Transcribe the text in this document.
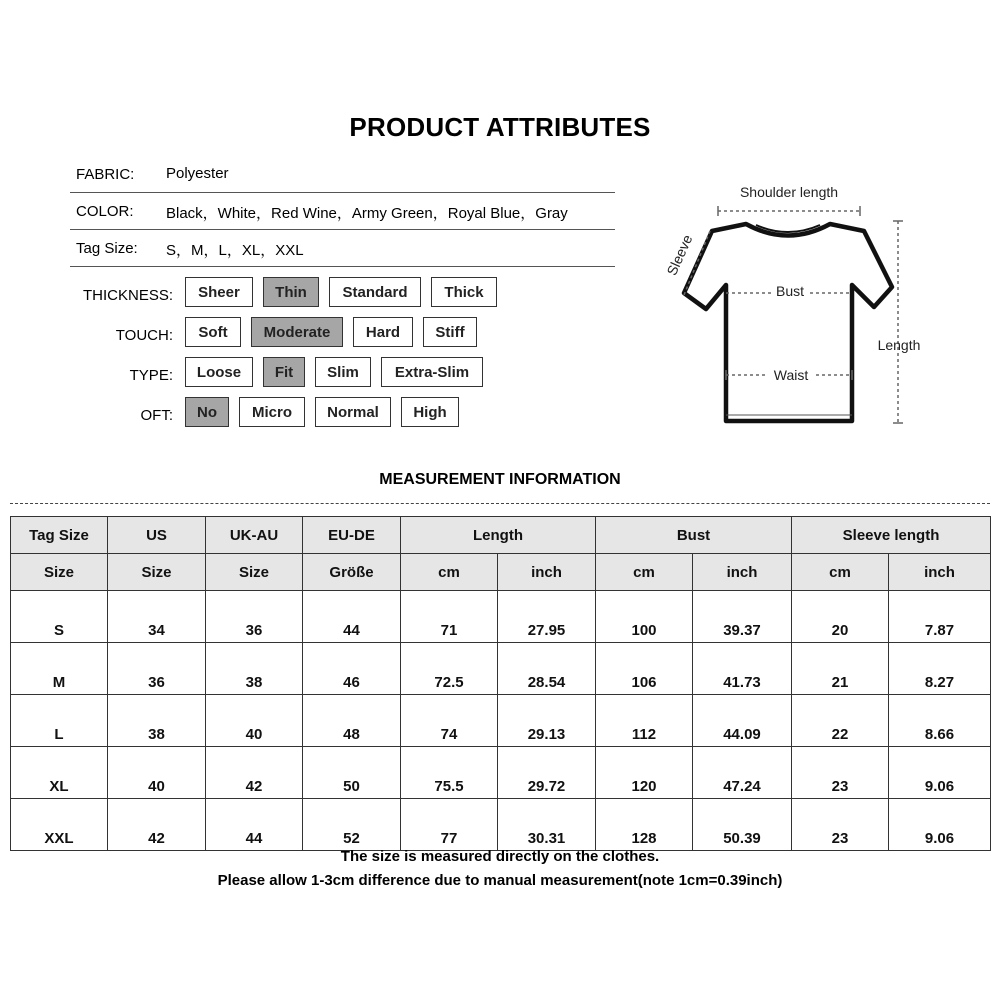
PRODUCT ATTRIBUTES
FABRIC: Polyester
COLOR: Black，White，Red Wine，Army Green，Royal Blue，Gray
Tag Size: S，M，L，XL，XXL
THICKNESS:	Sheer	Thin	Standard	Thick
TOUCH:	Soft	Moderate	Hard	Stiff
TYPE:	Loose	Fit	Slim	Extra-Slim
OFT:	No	Micro	Normal	High
Shoulder length
Sleeve
Bust
Waist
Length
MEASUREMENT INFORMATION
Tag Size	US	UK-AU	EU-DE	Length		Bust		Sleeve length	
Size	Size	Size	Größe	cm	inch	cm	inch	cm	inch
S	34	36	44	71	27.95	100	39.37	20	7.87
M	36	38	46	72.5	28.54	106	41.73	21	8.27
L	38	40	48	74	29.13	112	44.09	22	8.66
XL	40	42	50	75.5	29.72	120	47.24	23	9.06
XXL	42	44	52	77	30.31	128	50.39	23	9.06
The size is measured directly on the clothes.
Please allow 1-3cm difference due to manual measurement(note 1cm=0.39inch)
